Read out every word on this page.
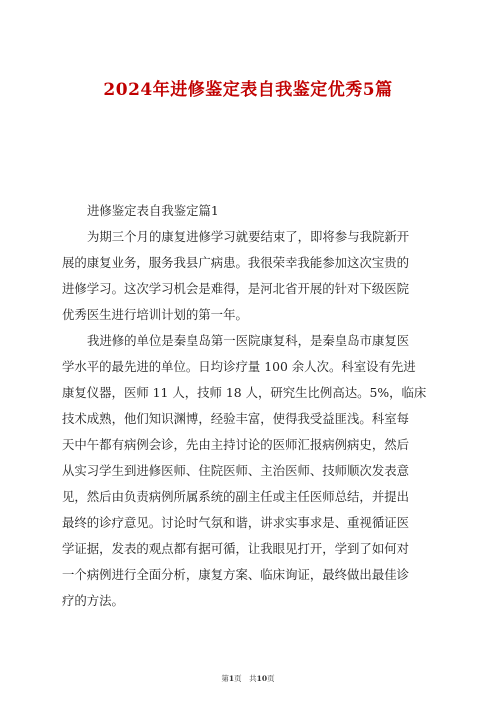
2024年进修鉴定表自我鉴定优秀5篇
进修鉴定表自我鉴定篇1
为期三个月的康复进修学习就要结束了，即将参与我院新开
展的康复业务，服务我县广病患。我很荣幸我能参加这次宝贵的
进修学习。这次学习机会是难得，是河北省开展的针对下级医院
优秀医生进行培训计划的第一年。
我进修的单位是秦皇岛第一医院康复科，是秦皇岛市康复医
学水平的最先进的单位。日均诊疗量 100 余人次。科室设有先进
康复仪器，医师 11 人，技师 18 人，研究生比例高达。5%，临床
技术成熟，他们知识渊博，经验丰富，使得我受益匪浅。科室每
天中午都有病例会诊，先由主持讨论的医师汇报病例病史，然后
从实习学生到进修医师、住院医师、主治医师、技师顺次发表意
见，然后由负责病例所属系统的副主任或主任医师总结，并提出
最终的诊疗意见。讨论时气氛和谐，讲求实事求是、重视循证医
学证据，发表的观点都有据可循，让我眼见打开，学到了如何对
一个病例进行全面分析，康复方案、临床询证，最终做出最佳诊
疗的方法。
第1页　共10页
